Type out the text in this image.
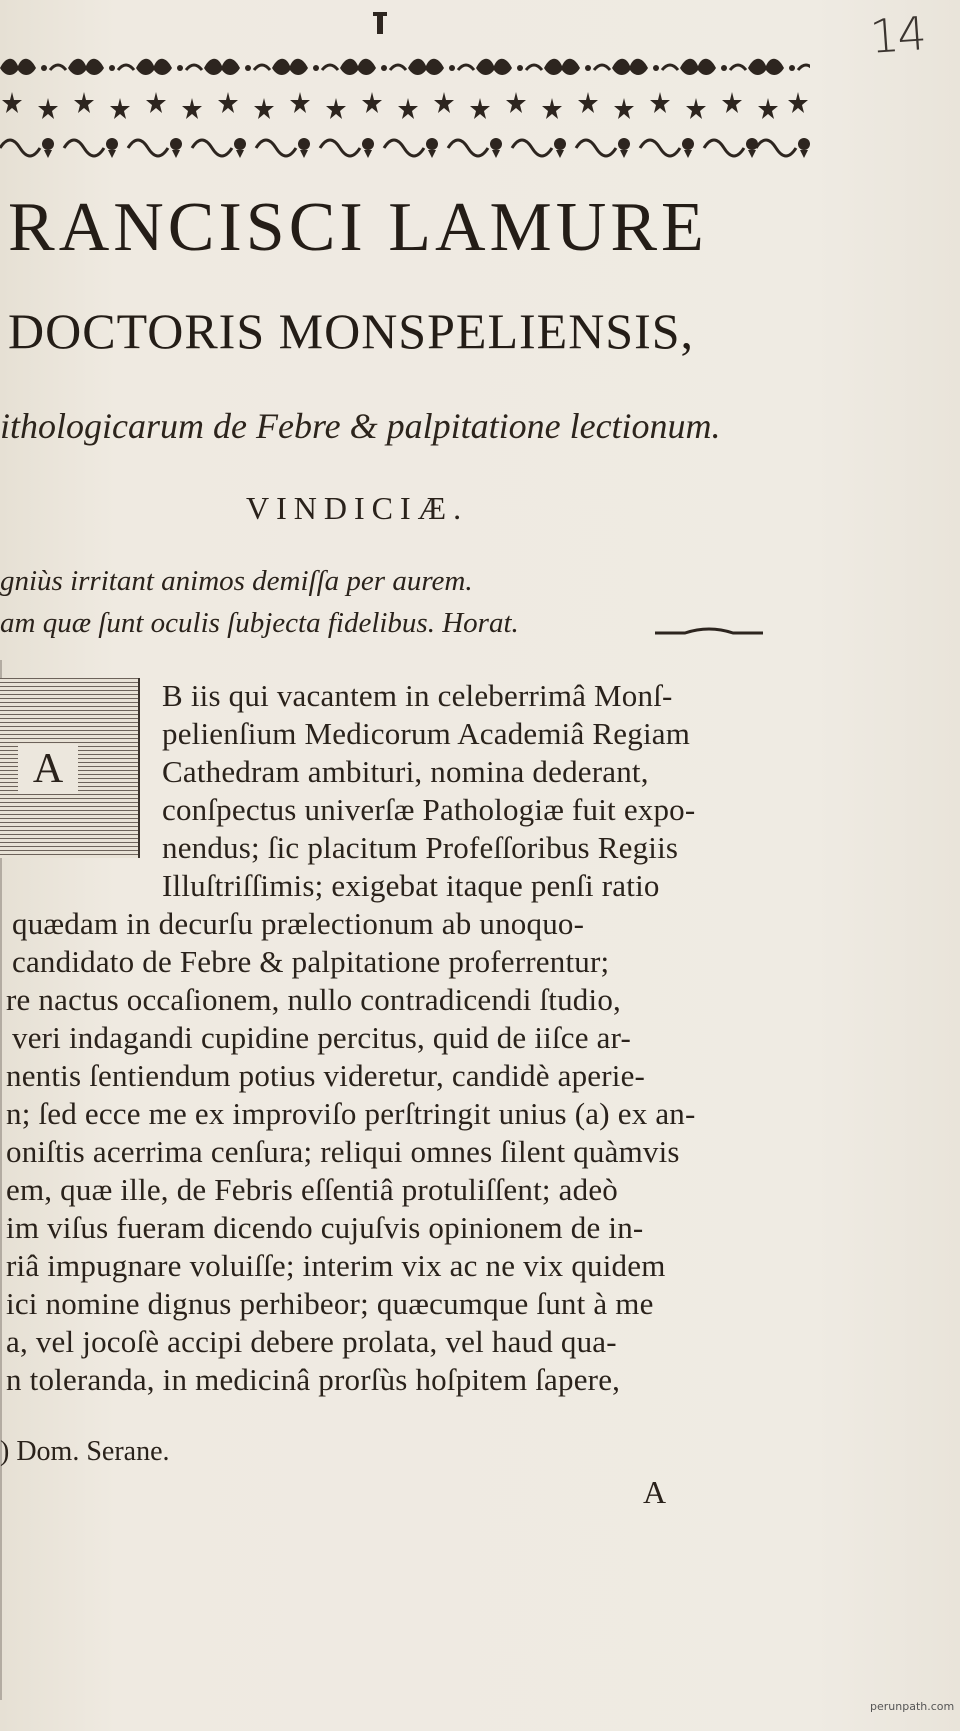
14
RANCISCI LAMURE
DOCTORIS MONSPELIENSIS,
ithologicarum de Febre & palpitatione lectionum.
VINDICIÆ.
gniùs irritant animos demiſſa per aurem.
am quæ ſunt oculis ſubjecta fidelibus. Horat.
A
B iis qui vacantem in celeberrimâ Monſ-
pelienſium Medicorum Academiâ Regiam
Cathedram ambituri, nomina dederant,
conſpectus univerſæ Pathologiæ fuit expo-
nendus; ſic placitum Profeſſoribus Regiis
Illuſtriſſimis; exigebat itaque penſi ratio
quædam in decurſu prælectionum ab unoquo-
candidato de Febre & palpitatione proferrentur;
re nactus occaſionem, nullo contradicendi ſtudio,
veri indagandi cupidine percitus, quid de iiſce ar-
nentis ſentiendum potius videretur, candidè aperie-
n; ſed ecce me ex improviſo perſtringit unius (a) ex an-
oniſtis acerrima cenſura; reliqui omnes ſilent quàmvis
em, quæ ille, de Febris eſſentiâ protuliſſent; adeò
im viſus fueram dicendo cujuſvis opinionem de in-
riâ impugnare voluiſſe; interim vix ac ne vix quidem
ici nomine dignus perhibeor; quæcumque ſunt à me
a, vel jocoſè accipi debere prolata, vel haud qua-
n toleranda, in medicinâ prorſùs hoſpitem ſapere,
) Dom. Serane.
A
perunpath.com
